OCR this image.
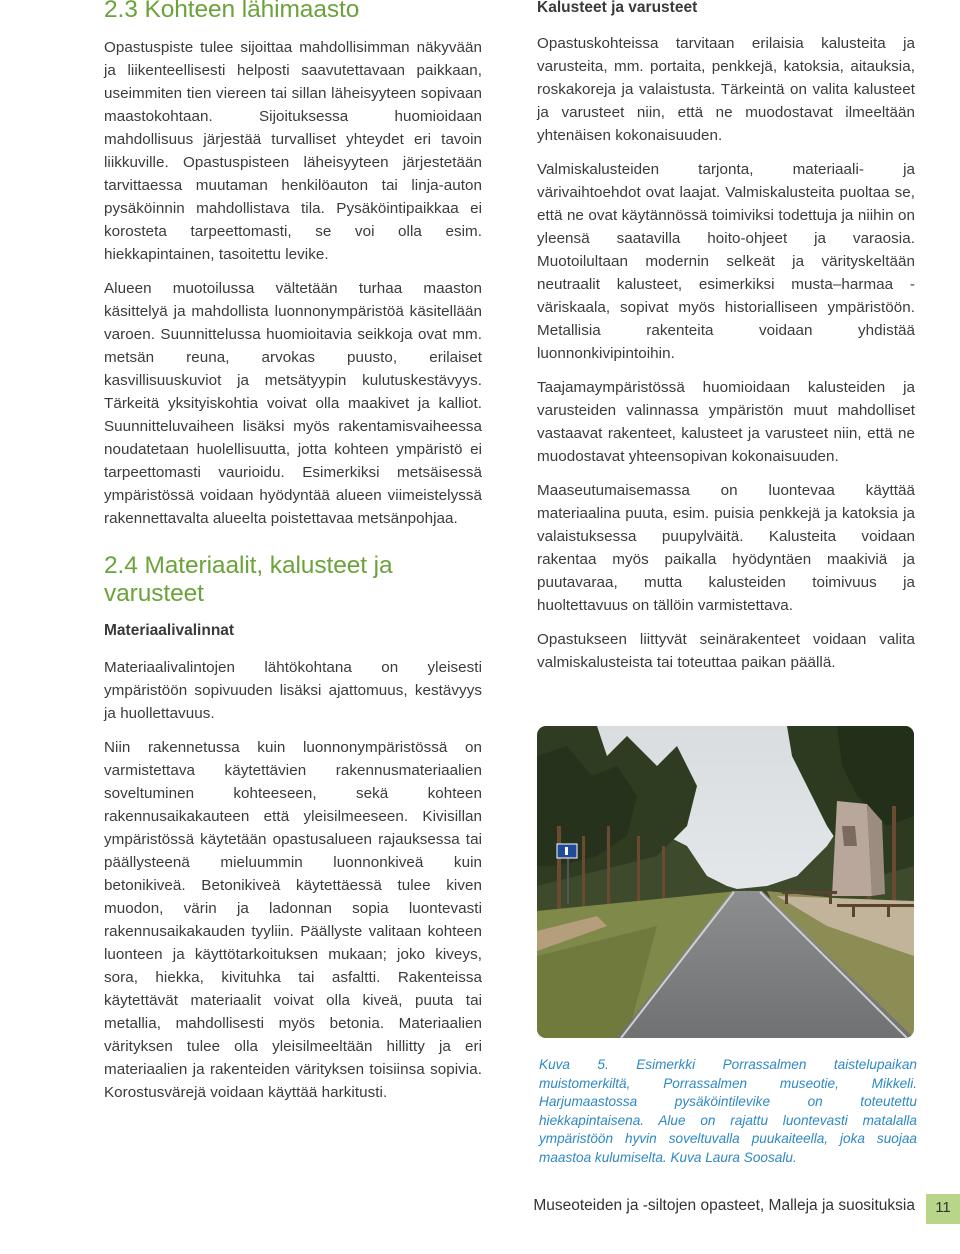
2.3 Kohteen lähimaasto

Opastuspiste tulee sijoittaa mahdollisimman näkyvään ja liikenteellisesti helposti saavutettavaan paikkaan, useimmiten tien viereen tai sillan läheisyyteen sopivaan maastokohtaan. Sijoituksessa huomioidaan mahdollisuus järjestää turvalliset yhteydet eri tavoin liikkuville. Opastuspisteen läheisyyteen järjestetään tarvittaessa muutaman henkilöauton tai linja-auton pysäköinnin mahdollistava tila. Pysäköintipaikkaa ei korosteta tarpeettomasti, se voi olla esim. hiekkapintainen, tasoitettu levike.

Alueen muotoilussa vältetään turhaa maaston käsittelyä ja mahdollista luonnonympäristöä käsitellään varoen. Suunnittelussa huomioitavia seikkoja ovat mm. metsän reuna, arvokas puusto, erilaiset kasvillisuuskuviot ja metsätyypin kulutuskestävyys. Tärkeitä yksityiskohtia voivat olla maakivet ja kalliot. Suunnitteluvaiheen lisäksi myös rakentamisvaiheessa noudatetaan huolellisuutta, jotta kohteen ympäristö ei tarpeettomasti vaurioidu. Esimerkiksi metsäisessä ympäristössä voidaan hyödyntää alueen viimeistelyssä rakennettavalta alueelta poistettavaa metsänpohjaa.

2.4 Materiaalit, kalusteet ja varusteet
Materiaalivalinnat

Materiaalivalintojen lähtökohtana on yleisesti ympäristöön sopivuuden lisäksi ajattomuus, kestävyys ja huollettavuus.

Niin rakennetussa kuin luonnonympäristössä on varmistettava käytettävien rakennusmateriaalien soveltuminen kohteeseen, sekä kohteen rakennusaikakauteen että yleisilmeeseen. Kivisillan ympäristössä käytetään opastusalueen rajauksessa tai päällysteenä mieluummin luonnonkiveä kuin betonikiveä. Betonikiveä käytettäessä tulee kiven muodon, värin ja ladonnan sopia luontevasti rakennusaikakauden tyyliin. Päällyste valitaan kohteen luonteen ja käyttötarkoituksen mukaan; joko kiveys, sora, hiekka, kivituhka tai asfaltti. Rakenteissa käytettävät materiaalit voivat olla kiveä, puuta tai metallia, mahdollisesti myös betonia. Materiaalien värityksen tulee olla yleisilmeeltään hillitty ja eri materiaalien ja rakenteiden värityksen toisiinsa sopivia. Korostusvärejä voidaan käyttää harkitusti.

Kalusteet ja varusteet

Opastuskohteissa tarvitaan erilaisia kalusteita ja varusteita, mm. portaita, penkkejä, katoksia, aitauksia, roskakoreja ja valaistusta. Tärkeintä on valita kalusteet ja varusteet niin, että ne muodostavat ilmeeltään yhtenäisen kokonaisuuden.

Valmiskalusteiden tarjonta, materiaali- ja värivaihtoehdot ovat laajat. Valmiskalusteita puoltaa se, että ne ovat käytännössä toimiviksi todettuja ja niihin on yleensä saatavilla hoito-ohjeet ja varaosia. Muotoilultaan modernin selkeät ja värityskeltään neutraalit kalusteet, esimerkiksi musta–harmaa -väriskaala, sopivat myös historialliseen ympäristöön. Metallisia rakenteita voidaan yhdistää luonnonkivipintoihin.

Taajamaympäristössä huomioidaan kalusteiden ja varusteiden valinnassa ympäristön muut mahdolliset vastaavat rakenteet, kalusteet ja varusteet niin, että ne muodostavat yhteensopivan kokonaisuuden.

Maaseutumaisemassa on luontevaa käyttää materiaalina puuta, esim. puisia penkkejä ja katoksia ja valaistuksessa puupylväitä. Kalusteita voidaan rakentaa myös paikalla hyödyntäen maakiviä ja puutavaraa, mutta kalusteiden toimivuus ja huoltettavuus on tällöin varmistettava.

Opastukseen liittyvät seinärakenteet voidaan valita valmiskalusteista tai toteuttaa paikan päällä.

Kuva 5. Esimerkki Porrassalmen taistelupaikan muistomerkiltä, Porrassalmen museotie, Mikkeli. Harjumaastossa pysäköintilevike on toteutettu hiekkapintaisena. Alue on rajattu luontevasti matalalla ympäristöön hyvin soveltuvalla puukaiteella, joka suojaa maastoa kulumiselta. Kuva Laura Soosalu.
Museoteiden ja -siltojen opasteet, Malleja ja suosituksia	11
